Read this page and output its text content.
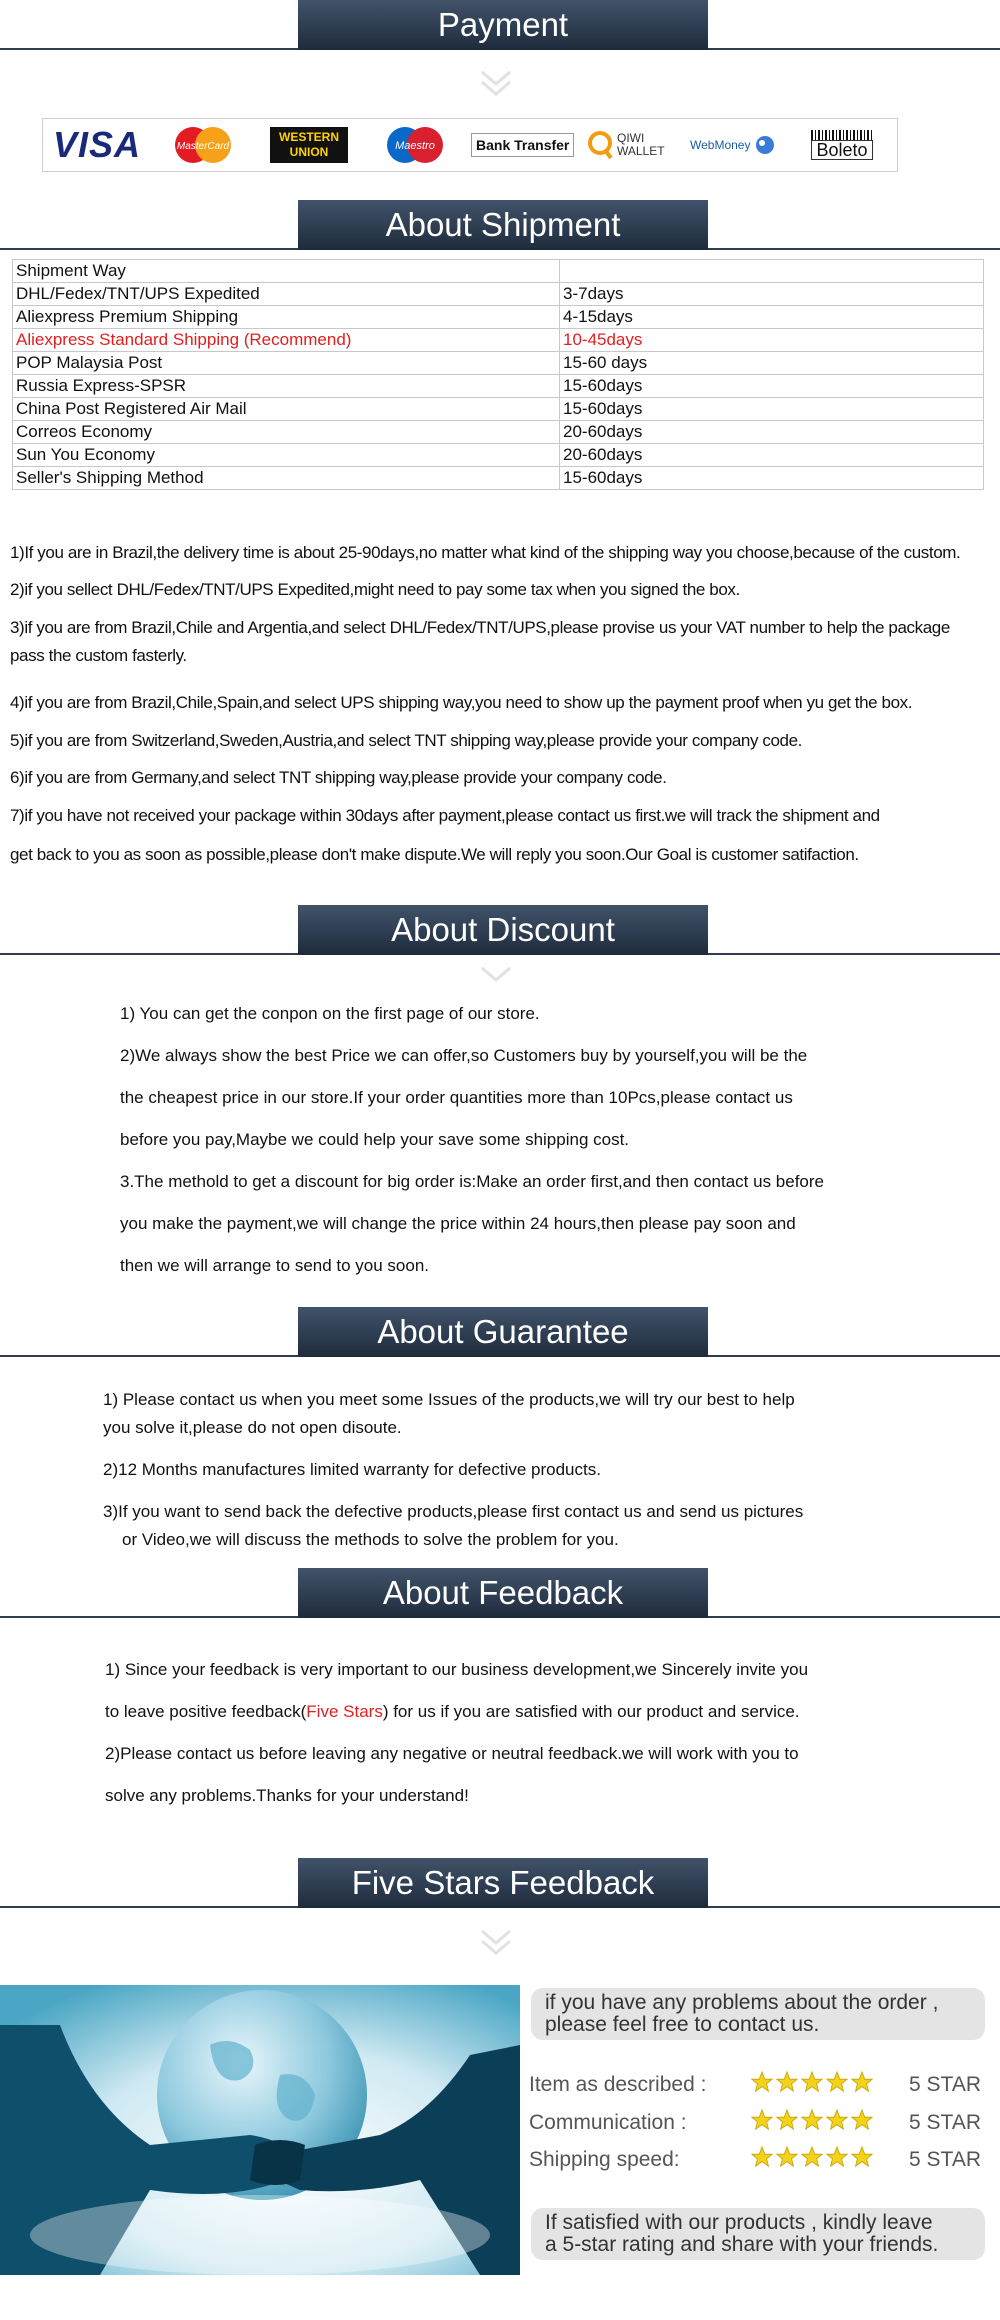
Payment
VISA	MasterCard
WESTERN
UNION	Maestro	Bank Transfer	QIWI
WALLET WebMoney	Boleto
About Shipment
Shipment Way	
DHL/Fedex/TNT/UPS Expedited	3-7days
Aliexpress Premium Shipping	4-15days
Aliexpress Standard Shipping (Recommend)	10-45days
POP Malaysia Post	15-60 days
Russia Express-SPSR	15-60days
China Post Registered Air Mail	15-60days
Correos Economy	20-60days
Sun You Economy	20-60days
Seller's Shipping Method	15-60days
1)If you are in Brazil,the delivery time is about 25-90days,no matter what kind of the shipping way you choose,because of the custom.
2)if you sellect DHL/Fedex/TNT/UPS Expedited,might need to pay some tax when you signed the box.
3)if you are from Brazil,Chile and Argentia,and select DHL/Fedex/TNT/UPS,please provise us your VAT number to help the package
pass the custom fasterly.
4)if you are from Brazil,Chile,Spain,and select UPS shipping way,you need to show up the payment proof when yu get the box.
5)if you are from Switzerland,Sweden,Austria,and select TNT shipping way,please provide your company code.
6)if you are from Germany,and select TNT shipping way,please provide your company code.
7)if you have not received your package within 30days after payment,please contact us first.we will track the shipment and
get back to you as soon as possible,please don't make dispute.We will reply you soon.Our Goal is customer satifaction.
About Discount
1) You can get the conpon on the first page of our store.
2)We always show the best Price we can offer,so Customers buy by yourself,you will be the
the cheapest price in our store.If your order quantities more than 10Pcs,please contact us
before you pay,Maybe we could help your save some shipping cost.
3.The methold to get a discount for big order is:Make an order first,and then contact us before
you make the payment,we will change the price within 24 hours,then please pay soon and
then we will arrange to send to you soon.
About Guarantee
1) Please contact us when you meet some Issues of the products,we will try our best to help
you solve it,please do not open disoute.
2)12 Months manufactures limited warranty for defective products.
3)If you want to send back the defective products,please first contact us and send us pictures
or Video,we will discuss the methods to solve the problem for you.
About Feedback
1) Since your feedback is very important to our business development,we Sincerely invite you
to leave positive feedback(Five Stars) for us if you are satisfied with our product and service.
2)Please contact us before leaving any negative or neutral feedback.we will work with you to
solve any problems.Thanks for your understand!
Five Stars Feedback
if you have any problems about the order ,
please feel free to contact us.
Item as described :	5 STAR
Communication :	5 STAR
Shipping speed:	5 STAR
If satisfied with our products , kindly leave
a 5-star rating and share with your friends.
